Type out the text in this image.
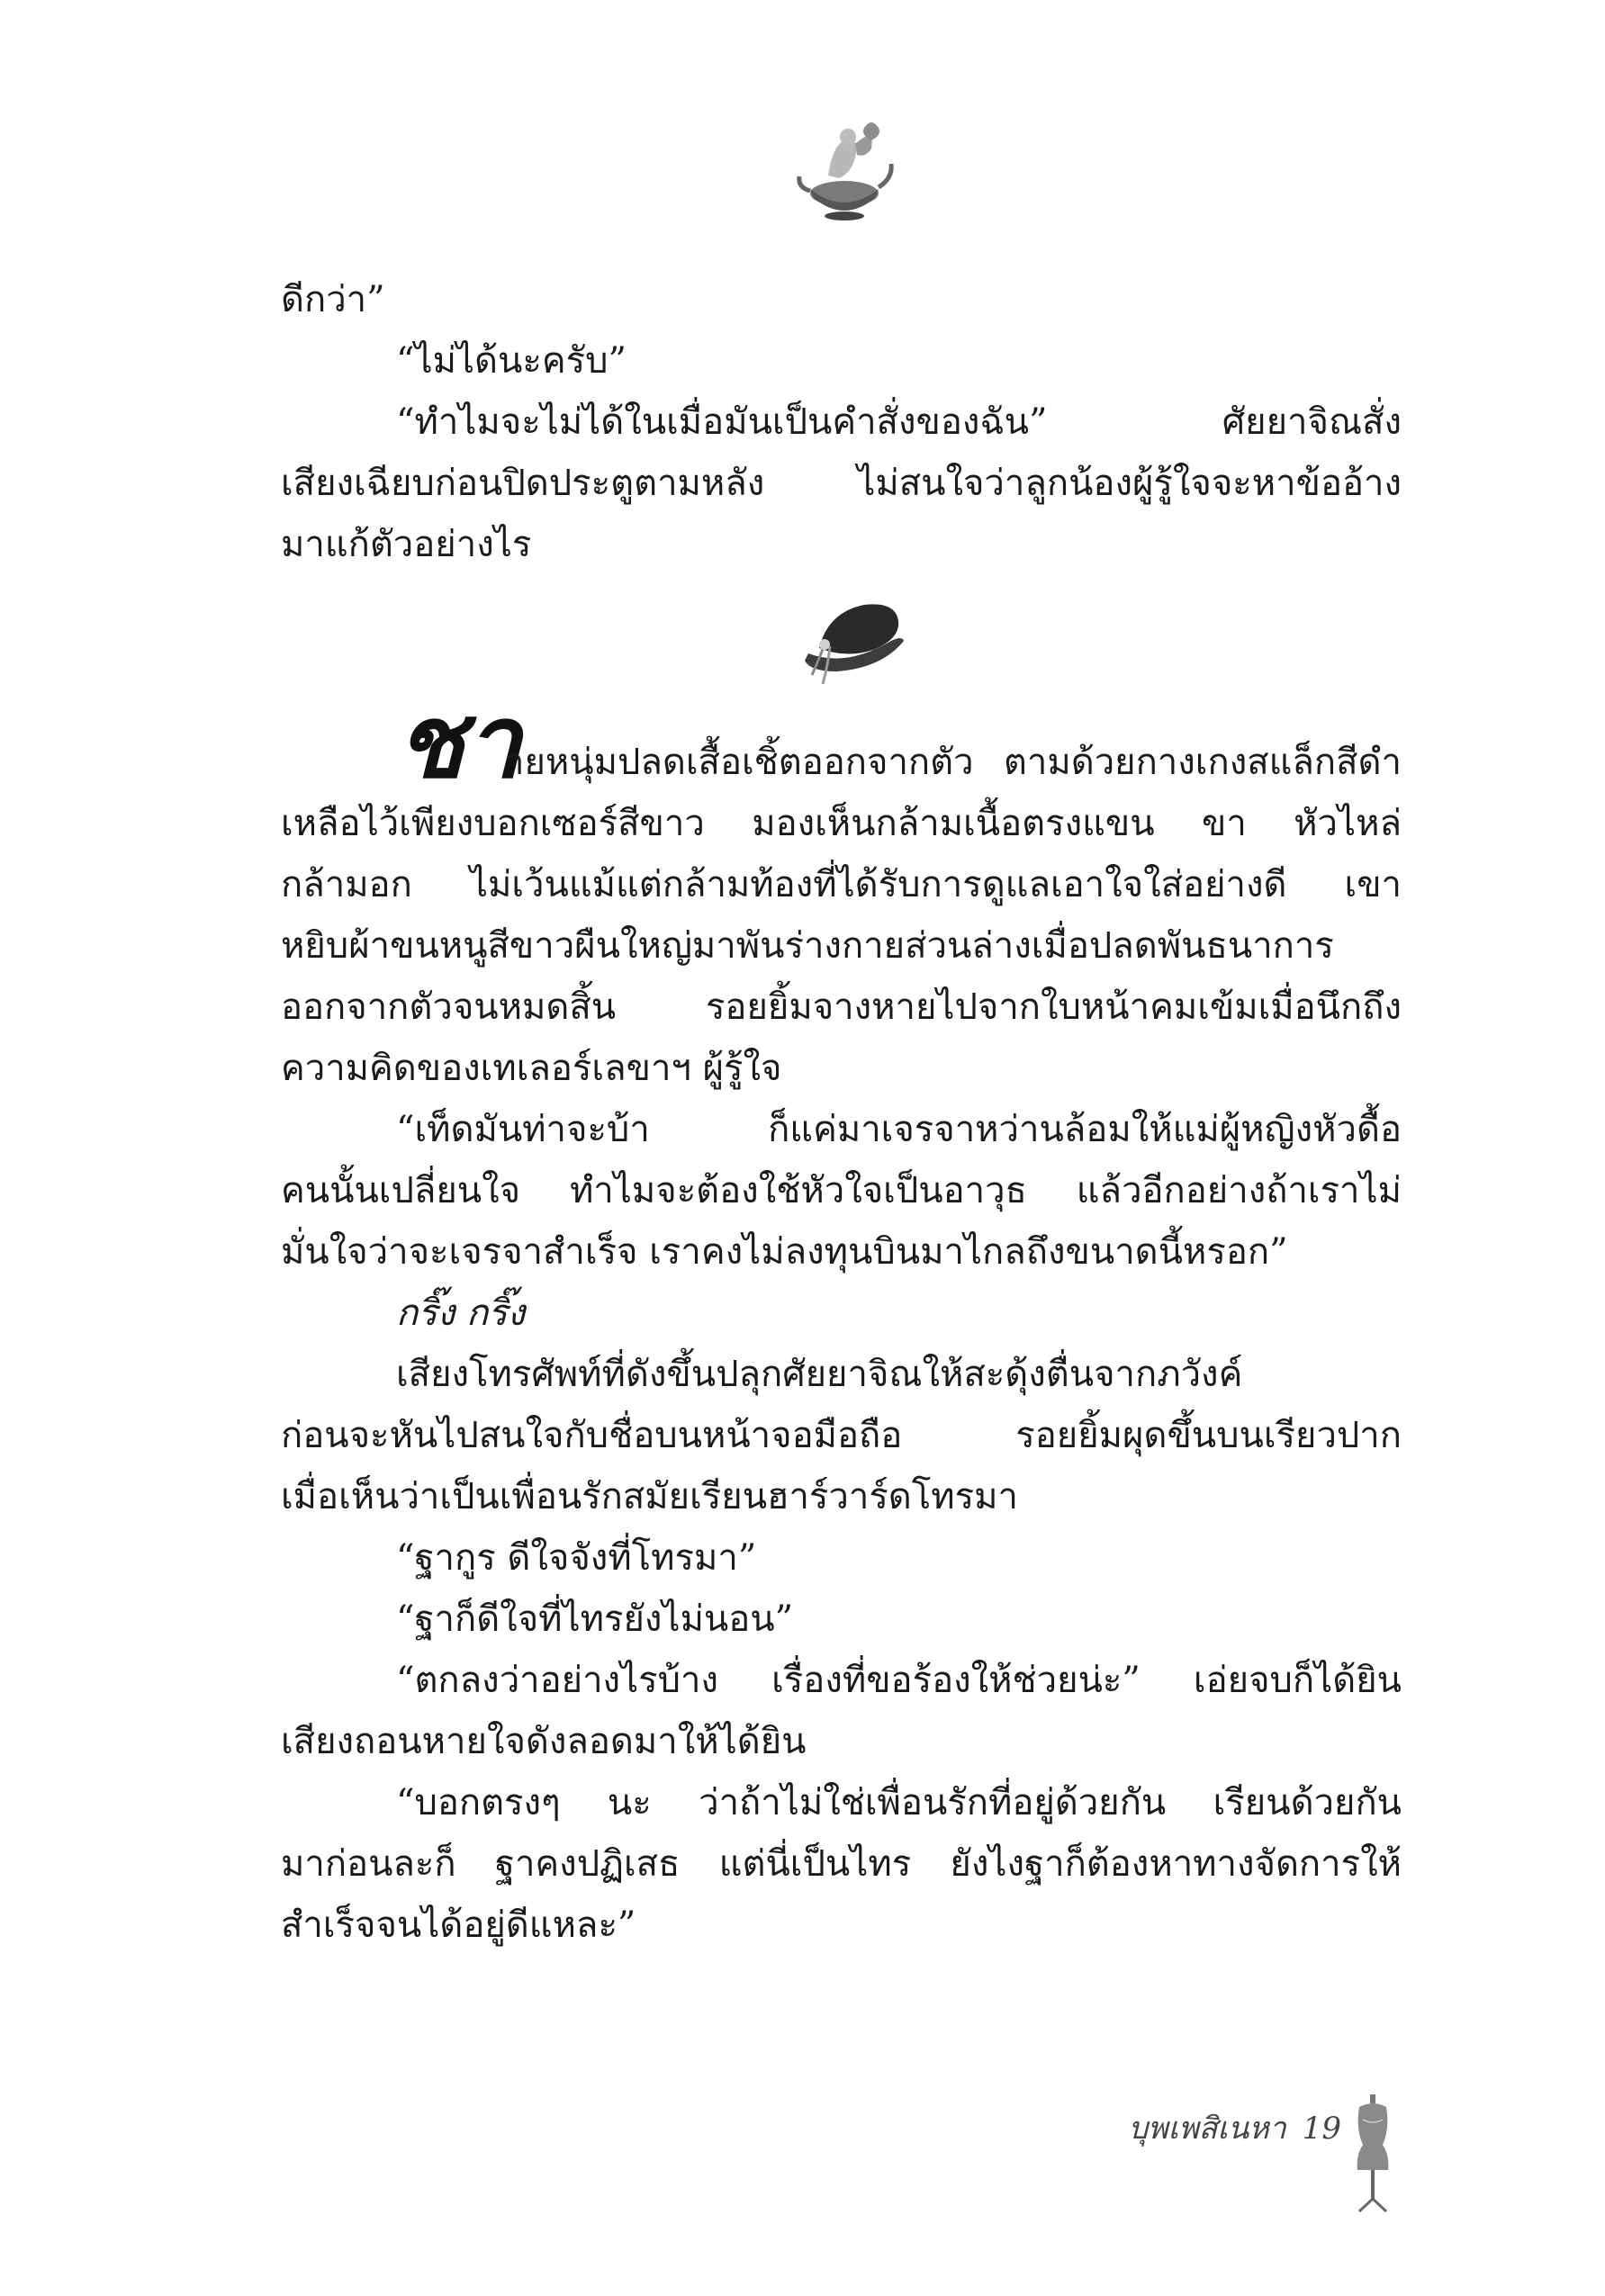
ดีกว่า”
“ไม่ได้นะครับ”
“ทำไมจะไม่ได้ในเมื่อมันเป็นคำสั่งของฉัน” ศัยยาจิณสั่ง
เสียงเฉียบก่อนปิดประตูตามหลัง ไม่สนใจว่าลูกน้องผู้รู้ใจจะหาข้ออ้าง
มาแก้ตัวอย่างไร
ชา
ายหนุ่มปลดเสื้อเชิ้ตออกจากตัว ตามด้วยกางเกงสแล็กสีดำ
เหลือไว้เพียงบอกเซอร์สีขาว มองเห็นกล้ามเนื้อตรงแขน ขา หัวไหล่
กล้ามอก ไม่เว้นแม้แต่กล้ามท้องที่ได้รับการดูแลเอาใจใส่อย่างดี เขา
หยิบผ้าขนหนูสีขาวผืนใหญ่มาพันร่างกายส่วนล่างเมื่อปลดพันธนาการ
ออกจากตัวจนหมดสิ้น รอยยิ้มจางหายไปจากใบหน้าคมเข้มเมื่อนึกถึง
ความคิดของเทเลอร์เลขาฯ ผู้รู้ใจ
“เท็ดมันท่าจะบ้า ก็แค่มาเจรจาหว่านล้อมให้แม่ผู้หญิงหัวดื้อ
คนนั้นเปลี่ยนใจ ทำไมจะต้องใช้หัวใจเป็นอาวุธ แล้วอีกอย่างถ้าเราไม่
มั่นใจว่าจะเจรจาสำเร็จ เราคงไม่ลงทุนบินมาไกลถึงขนาดนี้หรอก”
กริ๊ง กริ๊ง
เสียงโทรศัพท์ที่ดังขึ้นปลุกศัยยาจิณให้สะดุ้งตื่นจากภวังค์
ก่อนจะหันไปสนใจกับชื่อบนหน้าจอมือถือ รอยยิ้มผุดขึ้นบนเรียวปาก
เมื่อเห็นว่าเป็นเพื่อนรักสมัยเรียนฮาร์วาร์ดโทรมา
“ฐากูร ดีใจจังที่โทรมา”
“ฐาก็ดีใจที่ไทรยังไม่นอน”
“ตกลงว่าอย่างไรบ้าง เรื่องที่ขอร้องให้ช่วยน่ะ” เอ่ยจบก็ได้ยิน
เสียงถอนหายใจดังลอดมาให้ได้ยิน
“บอกตรงๆ นะ ว่าถ้าไม่ใช่เพื่อนรักที่อยู่ด้วยกัน เรียนด้วยกัน
มาก่อนละก็ ฐาคงปฏิเสธ แต่นี่เป็นไทร ยังไงฐาก็ต้องหาทางจัดการให้
สำเร็จจนได้อยู่ดีแหละ”
บุพเพสิเนหา 19
